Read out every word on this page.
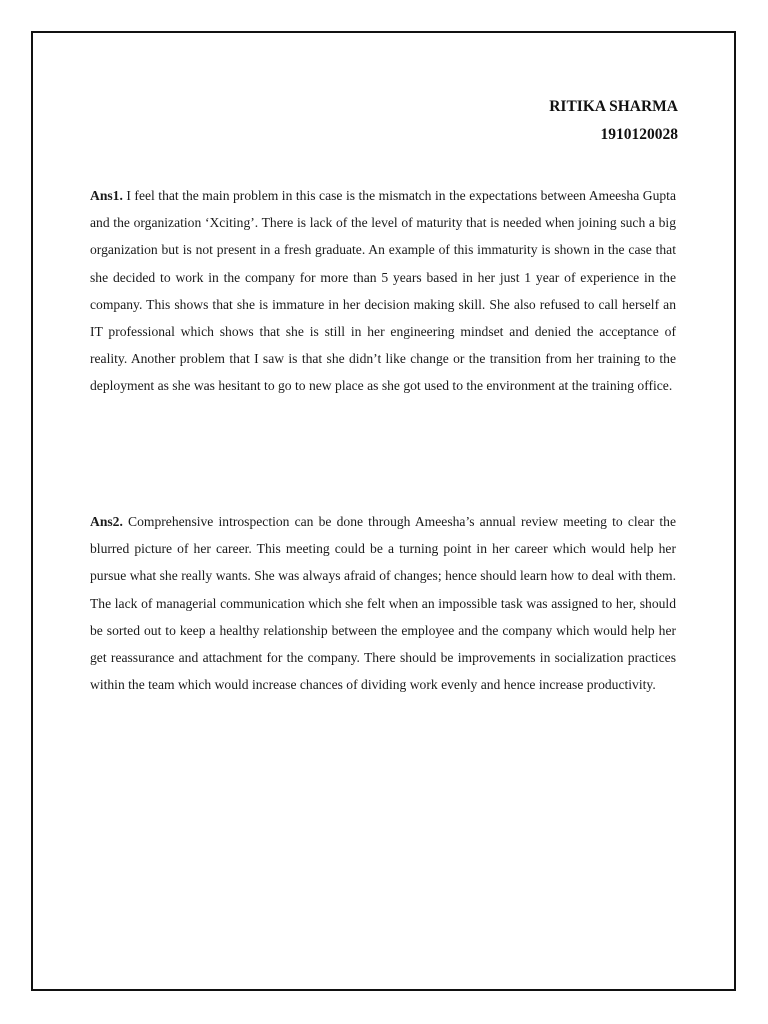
RITIKA SHARMA
1910120028
Ans1. I feel that the main problem in this case is the mismatch in the expectations between Ameesha Gupta and the organization ‘Xciting’. There is lack of the level of maturity that is needed when joining such a big organization but is not present in a fresh graduate. An example of this immaturity is shown in the case that she decided to work in the company for more than 5 years based in her just 1 year of experience in the company. This shows that she is immature in her decision making skill. She also refused to call herself an IT professional which shows that she is still in her engineering mindset and denied the acceptance of reality. Another problem that I saw is that she didn’t like change or the transition from her training to the deployment as she was hesitant to go to new place as she got used to the environment at the training office.
Ans2. Comprehensive introspection can be done through Ameesha’s annual review meeting to clear the blurred picture of her career. This meeting could be a turning point in her career which would help her pursue what she really wants. She was always afraid of changes; hence should learn how to deal with them. The lack of managerial communication which she felt when an impossible task was assigned to her, should be sorted out to keep a healthy relationship between the employee and the company which would help her get reassurance and attachment for the company. There should be improvements in socialization practices within the team which would increase chances of dividing work evenly and hence increase productivity.
